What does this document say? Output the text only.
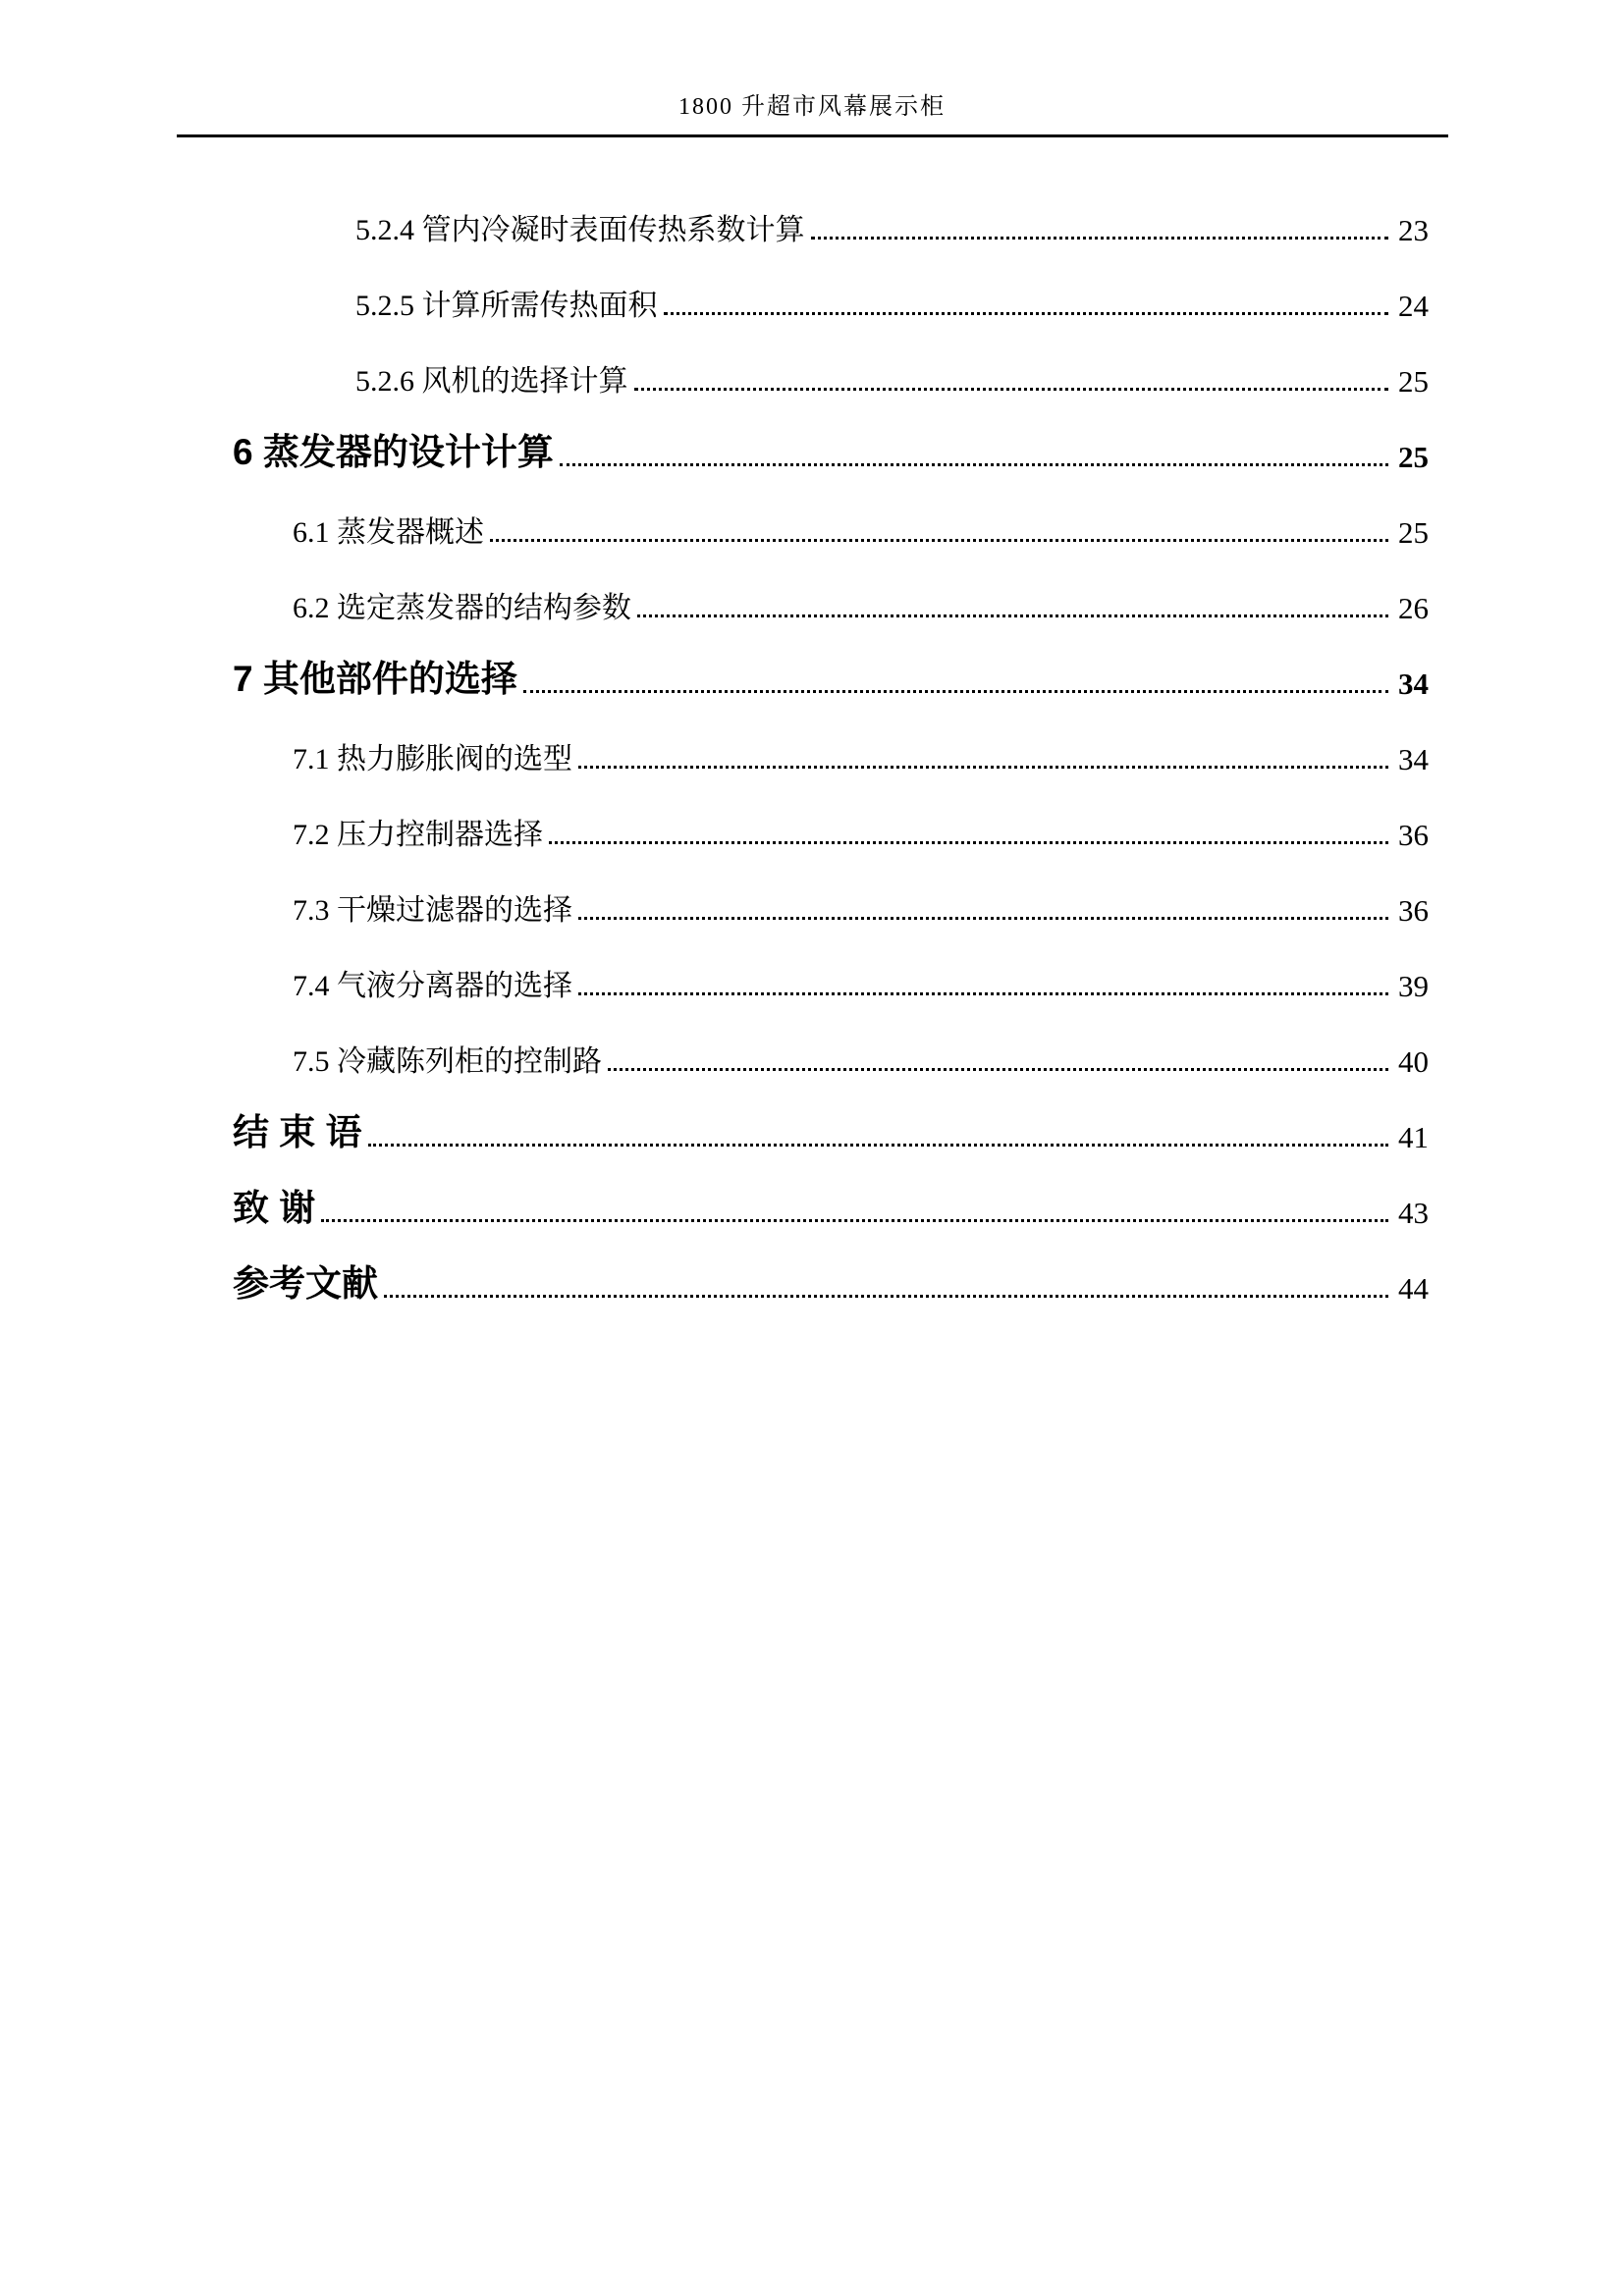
1800 升超市风幕展示柜
5.2.4 管内冷凝时表面传热系数计算	23
5.2.5 计算所需传热面积	24
5.2.6 风机的选择计算	25
6 蒸发器的设计计算	25
6.1 蒸发器概述	25
6.2 选定蒸发器的结构参数	26
7 其他部件的选择	34
7.1 热力膨胀阀的选型	34
7.2 压力控制器选择	36
7.3 干燥过滤器的选择	36
7.4 气液分离器的选择	39
7.5 冷藏陈列柜的控制路	40
结 束 语	41
致 谢	43
参考文献	44
